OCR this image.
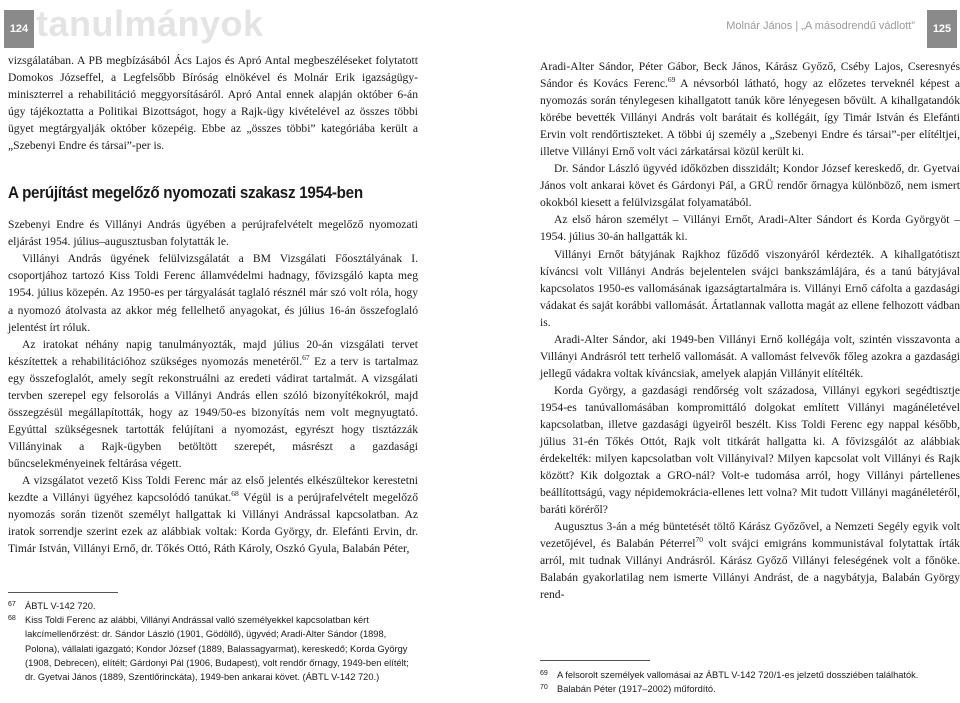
124 tanulmányok	Molnár János | „A másodrendű vádlott”	125

vizsgálatában. A PB megbízásából Ács Lajos és Apró Antal megbeszéléseket folytatott Domokos Józseffel, a Legfelsőbb Bíróság elnökével és Molnár Erik igazságügy-miniszterrel a rehabilitáció meggyorsításáról. Apró Antal ennek alapján október 6-án úgy tájékoztatta a Politikai Bizottságot, hogy a Rajk-ügy kivételével az összes többi ügyet megtárgyalják október közepéig. Ebbe az „összes többi” kategóriába került a „Szebenyi Endre és társai”-per is.

A perújítást megelőző nyomozati szakasz 1954-ben

Szebenyi Endre és Villányi András ügyében a perújrafelvételt megelőző nyomozati eljárást 1954. július–augusztusban folytatták le.

Villányi András ügyének felülvizsgálatát a BM Vizsgálati Főosztályának I. csoportjához tartozó Kiss Toldi Ferenc államvédelmi hadnagy, fővizsgáló kapta meg 1954. július közepén. Az 1950-es per tárgyalását taglaló résznél már szó volt róla, hogy a nyomozó átolvasta az akkor még fellelhető anyagokat, és július 16-án összefoglaló jelentést írt róluk.

Az iratokat néhány napig tanulmányozták, majd július 20-án vizsgálati tervet készítettek a rehabilitációhoz szükséges nyomozás menetéről.$^{67}$ Ez a terv is tartalmaz egy összefoglalót, amely segít rekonstruálni az eredeti vádirat tartalmát. A vizsgálati tervben szerepel egy felsorolás a Villányi András ellen szóló bizonyítékokról, majd összegzésül megállapították, hogy az 1949/50-es bizonyítás nem volt megnyugtató. Egyúttal szükségesnek tartották felújítani a nyomozást, egyrészt hogy tisztázzák Villányinak a Rajk-ügyben betöltött szerepét, másrészt a gazdasági bűncselekményeinek feltárása végett.

A vizsgálatot vezető Kiss Toldi Ferenc már az első jelentés elkészültekor kerestetni kezdte a Villányi ügyéhez kapcsolódó tanúkat.$^{68}$ Végül is a perújrafelvételt megelőző nyomozás során tizenöt személyt hallgattak ki Villányi Andrással kapcsolatban. Az iratok sorrendje szerint ezek az alábbiak voltak: Korda György, dr. Elefánti Ervin, dr. Timár István, Villányi Ernő, dr. Tőkés Ottó, Ráth Károly, Oszkó Gyula, Balabán Péter,

67 ÁBTL V-142 720.
68 Kiss Toldi Ferenc az alábbi, Villányi Andrással valló személyekkel kapcsolatban kért lakcímellenőrzést: dr. Sándor László (1901, Gödöllő), ügyvéd; Aradi-Alter Sándor (1898, Polona), vállalati igazgató; Kondor József (1889, Balassagyarmat), kereskedő; Korda György (1908, Debrecen), elítélt; Gárdonyi Pál (1906, Budapest), volt rendőr őrnagy, 1949-ben elítélt; dr. Gyetvai János (1889, Szentlőrinckáta), 1949-ben ankarai követ. (ÁBTL V-142 720.)

Aradi-Alter Sándor, Péter Gábor, Beck János, Kárász Győző, Cséby Lajos, Cseresnyés Sándor és Kovács Ferenc.$^{69}$ A névsorból látható, hogy az előzetes terveknél képest a nyomozás során ténylegesen kihallgatott tanúk köre lényegesen bővült. A kihallgatandók körébe bevették Villányi András volt barátait és kollégáit, így Timár István és Elefánti Ervin volt rendőrtiszteket. A többi új személy a „Szebenyi Endre és társai”-per elítéltjei, illetve Villányi Ernő volt váci zárkatársai közül került ki.

Dr. Sándor László ügyvéd időközben disszidált; Kondor József kereskedő, dr. Gyetvai János volt ankarai követ és Gárdonyi Pál, a GRÜ rendőr őrnagya különböző, nem ismert okokból kiesett a felülvizsgálat folyamatából.

Az első háron személyt – Villányi Ernőt, Aradi-Alter Sándort és Korda Györgyöt – 1954. július 30-án hallgatták ki.

Villányi Ernőt bátyjának Rajkhoz fűződő viszonyáról kérdezték. A kihallgatótiszt kíváncsi volt Villányi András bejelentelen svájci bankszámlájára, és a tanú bátyjával kapcsolatos 1950-es vallomásának igazságtartalmára is. Villányi Ernő cáfolta a gazdasági vádakat és saját korábbi vallomását. Ártatlannak vallotta magát az ellene felhozott vádban is.

Aradi-Alter Sándor, aki 1949-ben Villányi Ernő kollégája volt, szintén visszavonta a Villányi Andrásról tett terhelő vallomását. A vallomást felvevők főleg azokra a gazdasági jellegű vádakra voltak kíváncsiak, amelyek alapján Villányit elítélték.

Korda György, a gazdasági rendőrség volt századosa, Villányi egykori segédtisztje 1954-es tanúvallomásában kompromittáló dolgokat említett Villányi magánéletével kapcsolatban, illetve gazdasági ügyeiről beszélt. Kiss Toldi Ferenc egy nappal később, július 31-én Tőkés Ottót, Rajk volt titkárát hallgatta ki. A fővizsgálót az alábbiak érdekelték: milyen kapcsolatban volt Villányival? Milyen kapcsolat volt Villányi és Rajk között? Kik dolgoztak a GRO-nál? Volt-e tudomása arról, hogy Villányi pártellenes beállítottságú, vagy népidemokrácia-ellenes lett volna? Mit tudott Villányi magánéletéről, baráti köréről?

Augusztus 3-án a még büntetését töltő Kárász Győzővel, a Nemzeti Segély egyik volt vezetőjével, és Balabán Péterrel$^{70}$ volt svájci emigráns kommunistával folytattak írták arról, mit tudnak Villányi Andrásról. Kárász Győző Villányi feleségének volt a főnöke. Balabán gyakorlatilag nem ismerte Villányi Andrást, de a nagybátyja, Balabán György rend-

69 A felsorolt személyek vallomásai az ÁBTL V-142 720/1-es jelzetű dossziében találhatók.
70 Balabán Péter (1917–2002) műfordító.
